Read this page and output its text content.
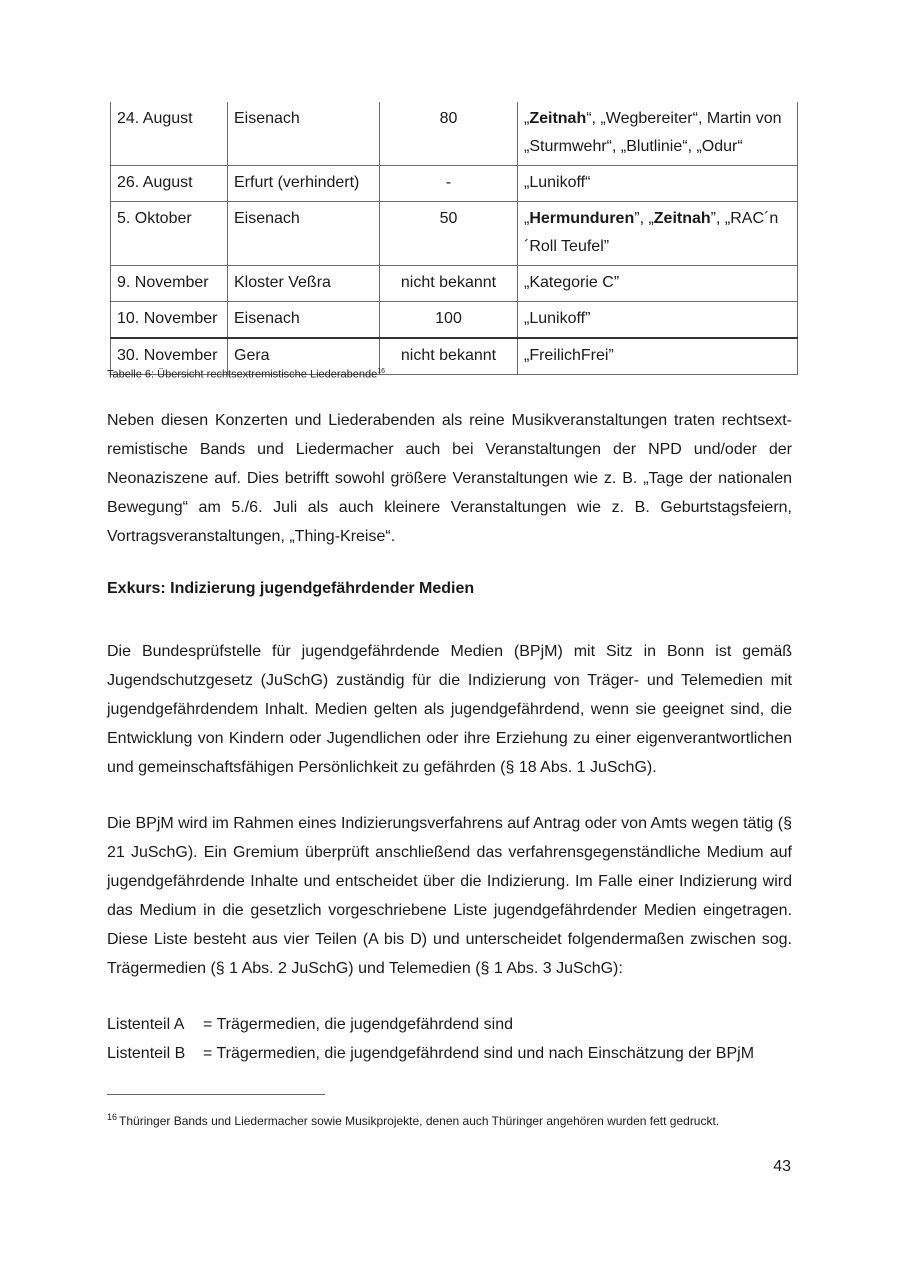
24. August	Eisenach	80	„Zeitnah“, „Wegbereiter“, Martin von „Sturmwehr“, „Blutlinie“, „Odur“
26. August	Erfurt (verhindert)	-	„Lunikoff“
5. Oktober	Eisenach	50	„Hermunduren”, „Zeitnah”, „RAC´n´Roll Teufel”
9. November	Kloster Veßra	nicht bekannt	„Kategorie C”
10. November	Eisenach	100	„Lunikoff”
30. November	Gera	nicht bekannt	„FreilichFrei”
Tabelle 6: Übersicht rechtsextremistische Liederabende$^{16}$
Neben diesen Konzerten und Liederabenden als reine Musikveranstaltungen traten rechtsext-remistische Bands und Liedermacher auch bei Veranstaltungen der NPD und/oder der Neonaziszene auf. Dies betrifft sowohl größere Veranstaltungen wie z. B. „Tage der nationalen Bewegung“ am 5./6. Juli als auch kleinere Veranstaltungen wie z. B. Geburtstagsfeiern, Vortragsveranstaltungen, „Thing-Kreise“.
Exkurs: Indizierung jugendgefährdender Medien
Die Bundesprüfstelle für jugendgefährdende Medien (BPjM) mit Sitz in Bonn ist gemäß Jugendschutzgesetz (JuSchG) zuständig für die Indizierung von Träger- und Telemedien mit jugendgefährdendem Inhalt. Medien gelten als jugendgefährdend, wenn sie geeignet sind, die Entwicklung von Kindern oder Jugendlichen oder ihre Erziehung zu einer eigenverantwortlichen und gemeinschaftsfähigen Persönlichkeit zu gefährden (§ 18 Abs. 1 JuSchG).
Die BPjM wird im Rahmen eines Indizierungsverfahrens auf Antrag oder von Amts wegen tätig (§ 21 JuSchG). Ein Gremium überprüft anschließend das verfahrensgegenständliche Medium auf jugendgefährdende Inhalte und entscheidet über die Indizierung. Im Falle einer Indizierung wird das Medium in die gesetzlich vorgeschriebene Liste jugendgefährdender Medien eingetragen. Diese Liste besteht aus vier Teilen (A bis D) und unterscheidet folgendermaßen zwischen sog. Trägermedien (§ 1 Abs. 2 JuSchG) und Telemedien (§ 1 Abs. 3 JuSchG):
Listenteil A = Trägermedien, die jugendgefährdend sind
Listenteil B = Trägermedien, die jugendgefährdend sind und nach Einschätzung der BPjM
$^{16}$ Thüringer Bands und Liedermacher sowie Musikprojekte, denen auch Thüringer angehören wurden fett gedruckt.
43
